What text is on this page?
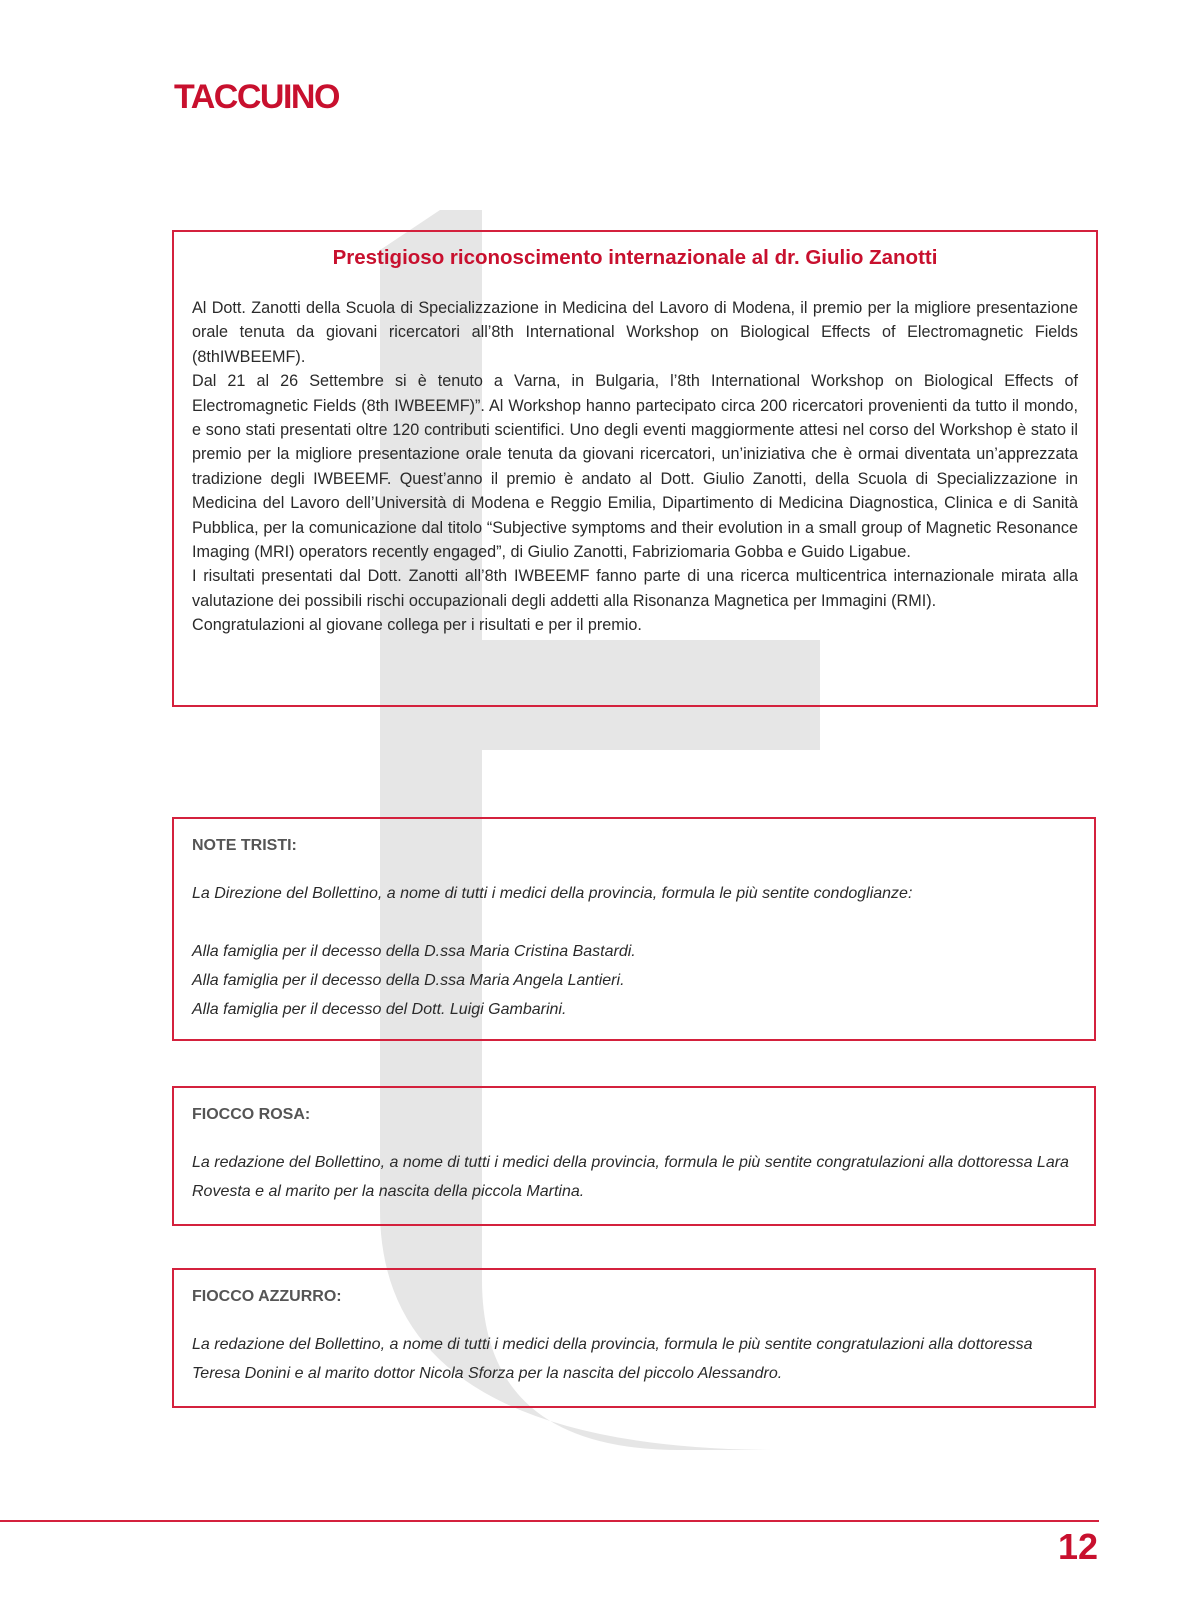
TACCUINO
Prestigioso riconoscimento internazionale al dr. Giulio Zanotti

Al Dott. Zanotti della Scuola di Specializzazione in Medicina del Lavoro di Modena, il premio per la migliore presentazione orale tenuta da giovani ricercatori all’8th International Workshop on Biological Effects of Electromagnetic Fields (8thIWBEEMF).

Dal 21 al 26 Settembre si è tenuto a Varna, in Bulgaria, l’8th International Workshop on Biological Effects of Electromagnetic Fields (8th IWBEEMF)”. Al Workshop hanno partecipato circa 200 ricercatori provenienti da tutto il mondo, e sono stati presentati oltre 120 contributi scientifici. Uno degli eventi maggiormente attesi nel corso del Workshop è stato il premio per la migliore presentazione orale tenuta da giovani ricercatori, un’iniziativa che è ormai diventata un’apprezzata tradizione degli IWBEEMF. Quest’anno il premio è andato al Dott. Giulio Zanotti, della Scuola di Specializzazione in Medicina del Lavoro dell’Università di Modena e Reggio Emilia, Dipartimento di Medicina Diagnostica, Clinica e di Sanità Pubblica, per la comunicazione dal titolo “Subjective symptoms and their evolution in a small group of Magnetic Resonance Imaging (MRI) operators recently engaged”, di Giulio Zanotti, Fabriziomaria Gobba e Guido Ligabue.

I risultati presentati dal Dott. Zanotti all’8th IWBEEMF fanno parte di una ricerca multicentrica internazionale mirata alla valutazione dei possibili rischi occupazionali degli addetti alla Risonanza Magnetica per Immagini (RMI).

Congratulazioni al giovane collega per i risultati e per il premio.

NOTE TRISTI:

La Direzione del Bollettino, a nome di tutti i medici della provincia, formula le più sentite condoglianze:

Alla famiglia per il decesso della D.ssa Maria Cristina Bastardi.

Alla famiglia per il decesso della D.ssa Maria Angela Lantieri.

Alla famiglia per il decesso del Dott. Luigi Gambarini.

FIOCCO ROSA:

La redazione del Bollettino, a nome di tutti i medici della provincia, formula le più sentite congratulazioni alla dottoressa Lara Rovesta e al marito per la nascita della piccola Martina.

FIOCCO AZZURRO:

La redazione del Bollettino, a nome di tutti i medici della provincia, formula le più sentite congratulazioni alla dottoressa Teresa Donini e al marito dottor Nicola Sforza per la nascita del piccolo Alessandro.

12
